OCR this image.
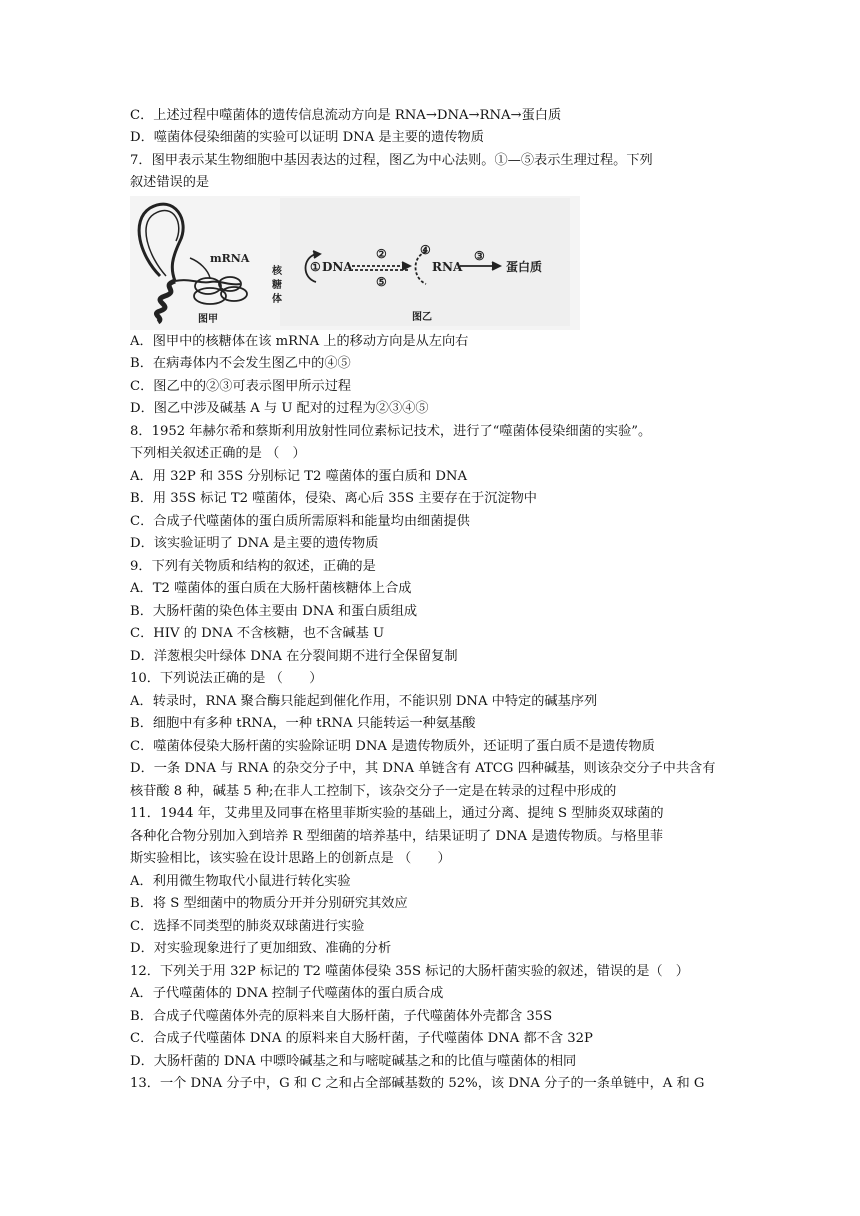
C．上述过程中噬菌体的遗传信息流动方向是 RNA→DNA→RNA→蛋白质
D．噬菌体侵染细菌的实验可以证明 DNA 是主要的遗传物质
7．图甲表示某生物细胞中基因表达的过程，图乙为中心法则。①—⑤表示生理过程。下列
叙述错误的是
mRNA
核
糖
体
图甲
① DNA
②
⑤
④
RNA
③
蛋白质
图乙
A．图甲中的核糖体在该 mRNA 上的移动方向是从左向右
B．在病毒体内不会发生图乙中的④⑤
C．图乙中的②③可表示图甲所示过程
D．图乙中涉及碱基 A 与 U 配对的过程为②③④⑤
8．1952 年赫尔希和蔡斯利用放射性同位素标记技术，进行了“噬菌体侵染细菌的实验”。
下列相关叙述正确的是 （　）
A．用 32P 和 35S 分别标记 T2 噬菌体的蛋白质和 DNA
B．用 35S 标记 T2 噬菌体，侵染、离心后 35S 主要存在于沉淀物中
C．合成子代噬菌体的蛋白质所需原料和能量均由细菌提供
D．该实验证明了 DNA 是主要的遗传物质
9．下列有关物质和结构的叙述，正确的是
A．T2 噬菌体的蛋白质在大肠杆菌核糖体上合成
B．大肠杆菌的染色体主要由 DNA 和蛋白质组成
C．HIV 的 DNA 不含核糖，也不含碱基 U
D．洋葱根尖叶绿体 DNA 在分裂间期不进行全保留复制
10．下列说法正确的是 （　　）
A．转录时，RNA 聚合酶只能起到催化作用，不能识别 DNA 中特定的碱基序列
B．细胞中有多种 tRNA，一种 tRNA 只能转运一种氨基酸
C．噬菌体侵染大肠杆菌的实验除证明 DNA 是遗传物质外，还证明了蛋白质不是遗传物质
D．一条 DNA 与 RNA 的杂交分子中，其 DNA 单链含有 ATCG 四种碱基，则该杂交分子中共含有
核苷酸 8 种，碱基 5 种;在非人工控制下，该杂交分子一定是在转录的过程中形成的
11．1944 年，艾弗里及同事在格里菲斯实验的基础上，通过分离、提纯 S 型肺炎双球菌的
各种化合物分别加入到培养 R 型细菌的培养基中，结果证明了 DNA 是遗传物质。与格里菲
斯实验相比，该实验在设计思路上的创新点是 （　　）
A．利用微生物取代小鼠进行转化实验
B．将 S 型细菌中的物质分开并分别研究其效应
C．选择不同类型的肺炎双球菌进行实验
D．对实验现象进行了更加细致、准确的分析
12．下列关于用 32P 标记的 T2 噬菌体侵染 35S 标记的大肠杆菌实验的叙述，错误的是（　）
A．子代噬菌体的 DNA 控制子代噬菌体的蛋白质合成
B．合成子代噬菌体外壳的原料来自大肠杆菌，子代噬菌体外壳都含 35S
C．合成子代噬菌体 DNA 的原料来自大肠杆菌，子代噬菌体 DNA 都不含 32P
D．大肠杆菌的 DNA 中嘌呤碱基之和与嘧啶碱基之和的比值与噬菌体的相同
13．一个 DNA 分子中，G 和 C 之和占全部碱基数的 52%，该 DNA 分子的一条单链中，A 和 G
